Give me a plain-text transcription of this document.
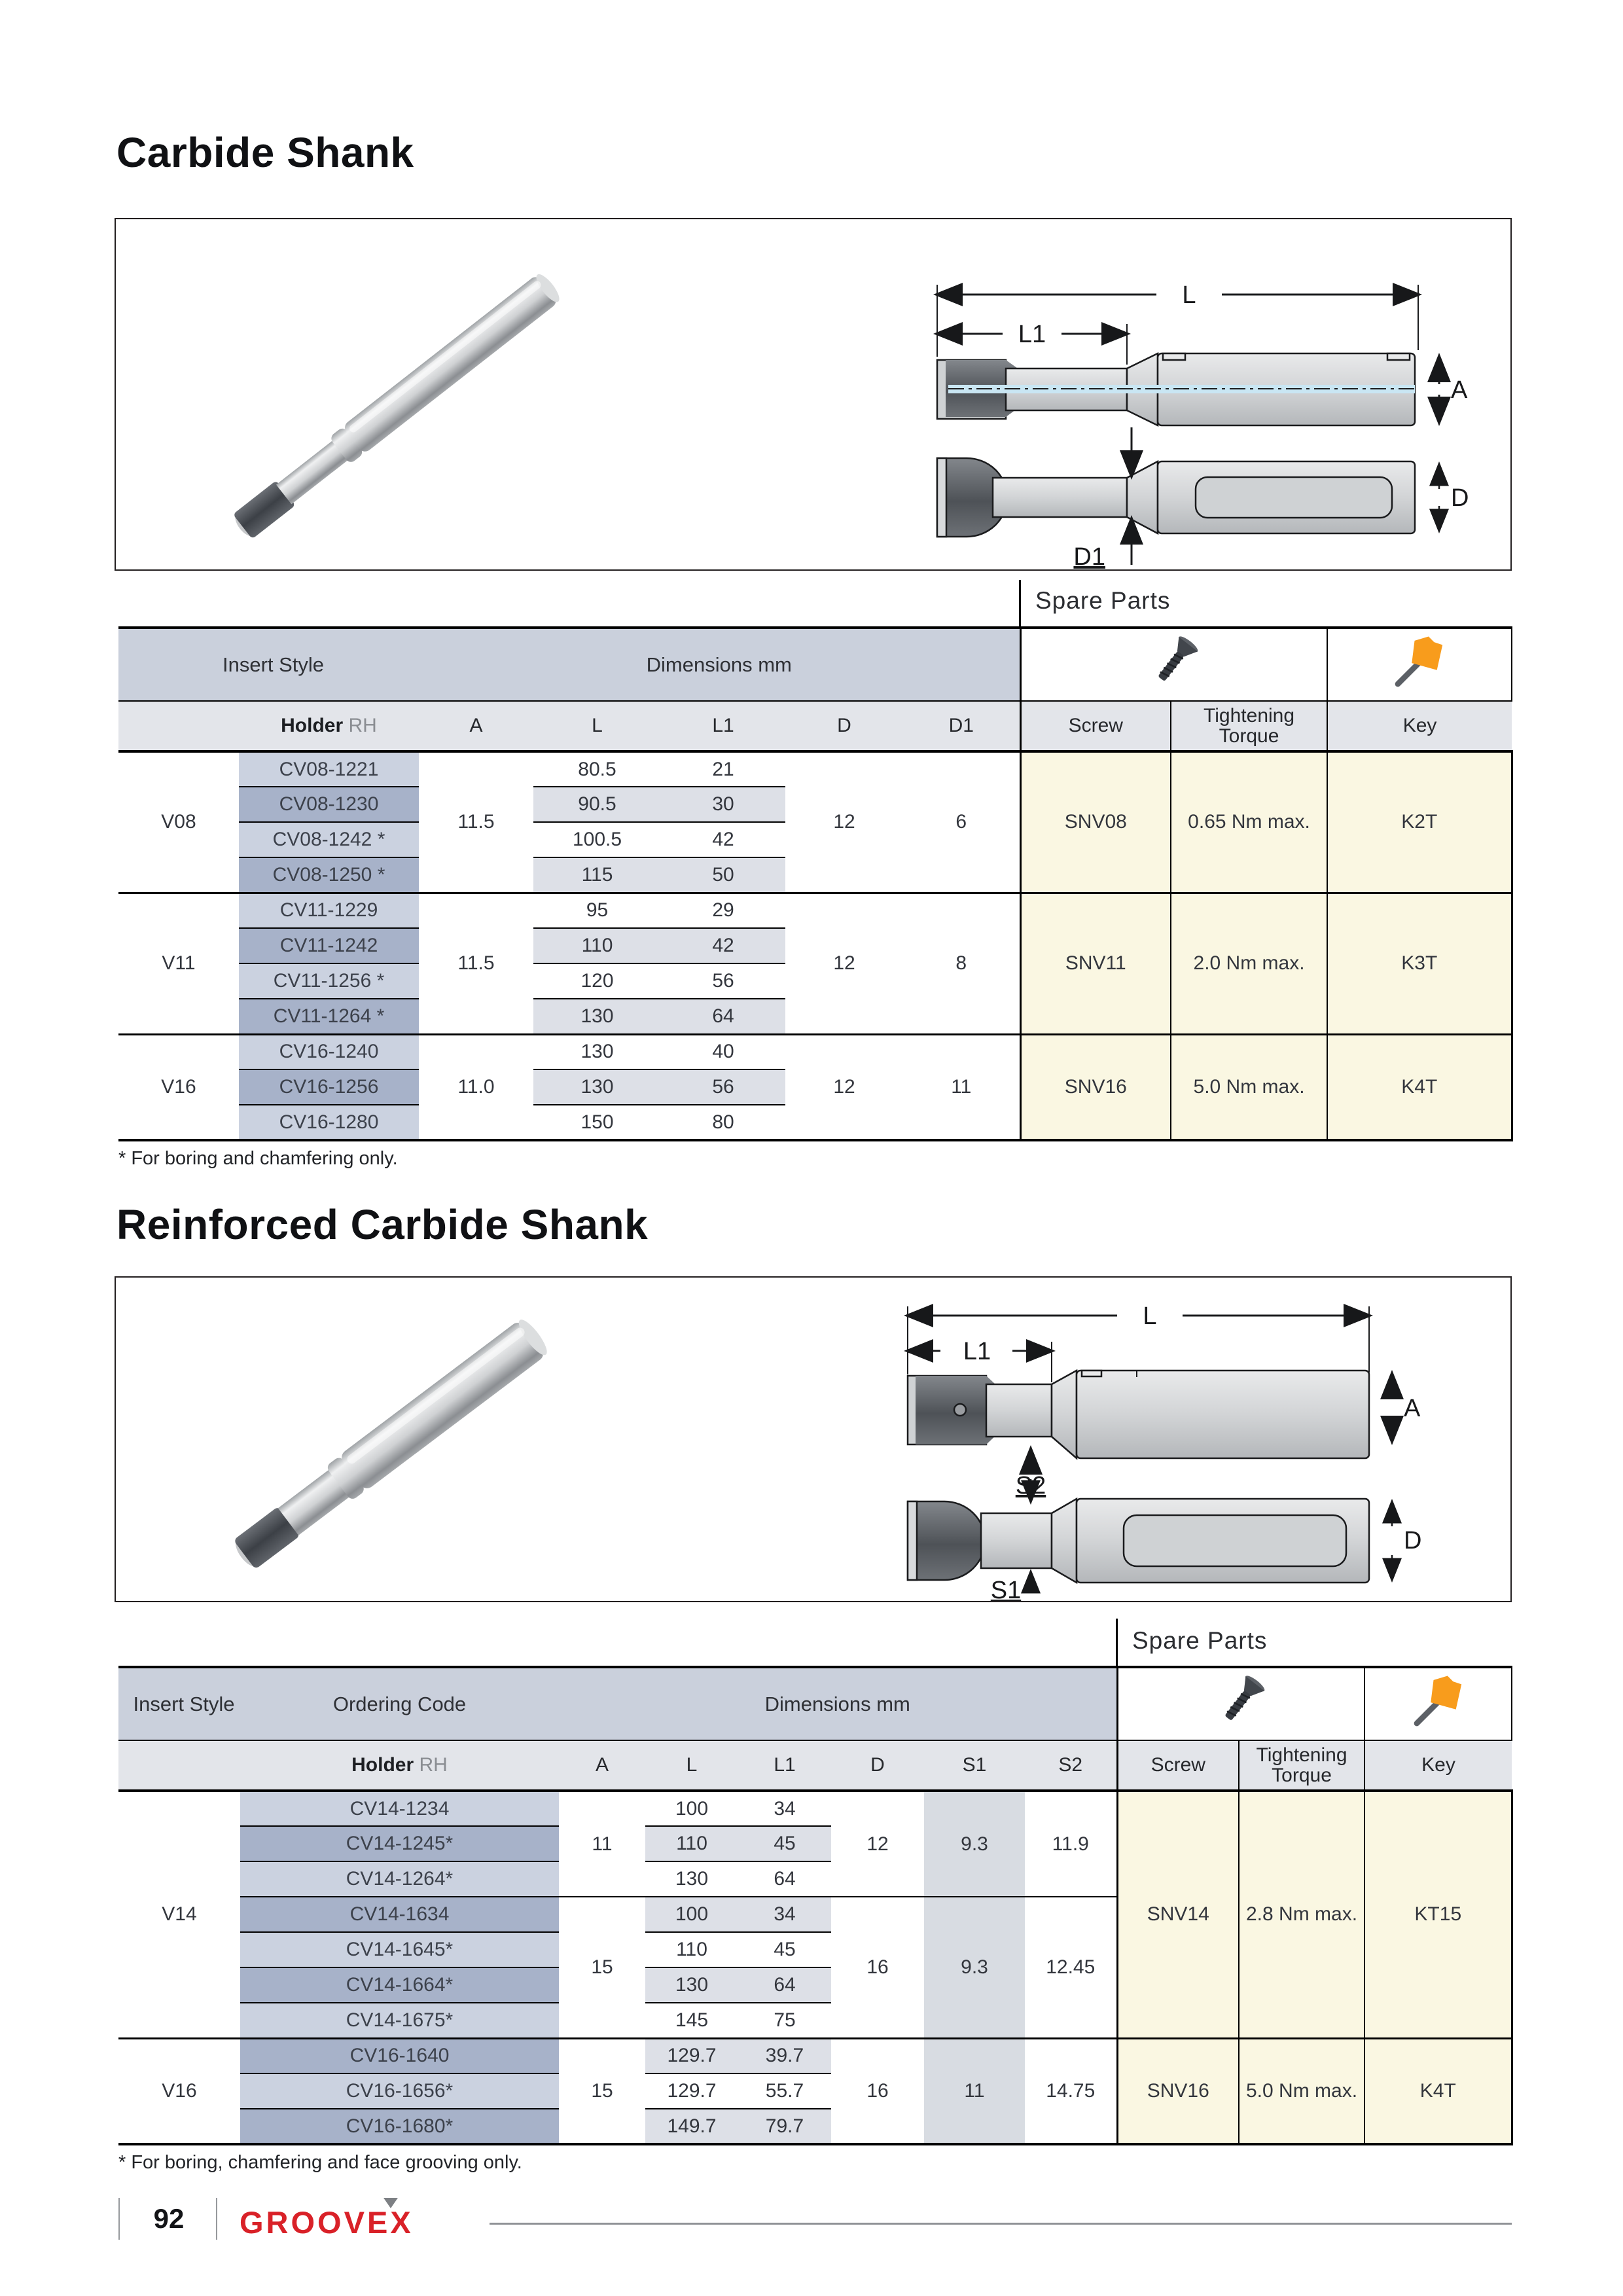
Carbide Shank
L
L1
A
D
D1
Spare Parts
Insert Style		Dimensions mm		
	Holder RH	A	L	L1	D	D1	Screw	Tightening
Torque	Key
V08	CV08-1221	11.5	80.5	21	12	6	SNV08	0.65 Nm max.	K2T
	CV08-1230		90.5	30					
	CV08-1242 *		100.5	42					
	CV08-1250 *		115	50					
V11	CV11-1229	11.5	95	29	12	8	SNV11	2.0 Nm max.	K3T
	CV11-1242		110	42					
	CV11-1256 *		120	56					
	CV11-1264 *		130	64					
V16	CV16-1240	11.0	130	40	12	11	SNV16	5.0 Nm max.	K4T
	CV16-1256		130	56					
	CV16-1280		150	80					
* For boring and chamfering only.
Reinforced Carbide Shank
L
L1
A
S2
D
S1
Spare Parts
Insert Style	Ordering Code	Dimensions mm		
	Holder RH	A	L	L1	D	S1	S2	Screw	Tightening
Torque	Key
V14	CV14-1234	11	100	34	12	9.3	11.9	SNV14	2.8 Nm max.	KT15
	CV14-1245*		110	45						
	CV14-1264*		130	64						
	CV14-1634	15	100	34	16	9.3	12.45			
	CV14-1645*		110	45						
	CV14-1664*		130	64						
	CV14-1675*		145	75						
V16	CV16-1640	15	129.7	39.7	16	11	14.75	SNV16	5.0 Nm max.	K4T
	CV16-1656*		129.7	55.7						
	CV16-1680*		149.7	79.7						
* For boring, chamfering and face grooving only.
92	GROOVEX
